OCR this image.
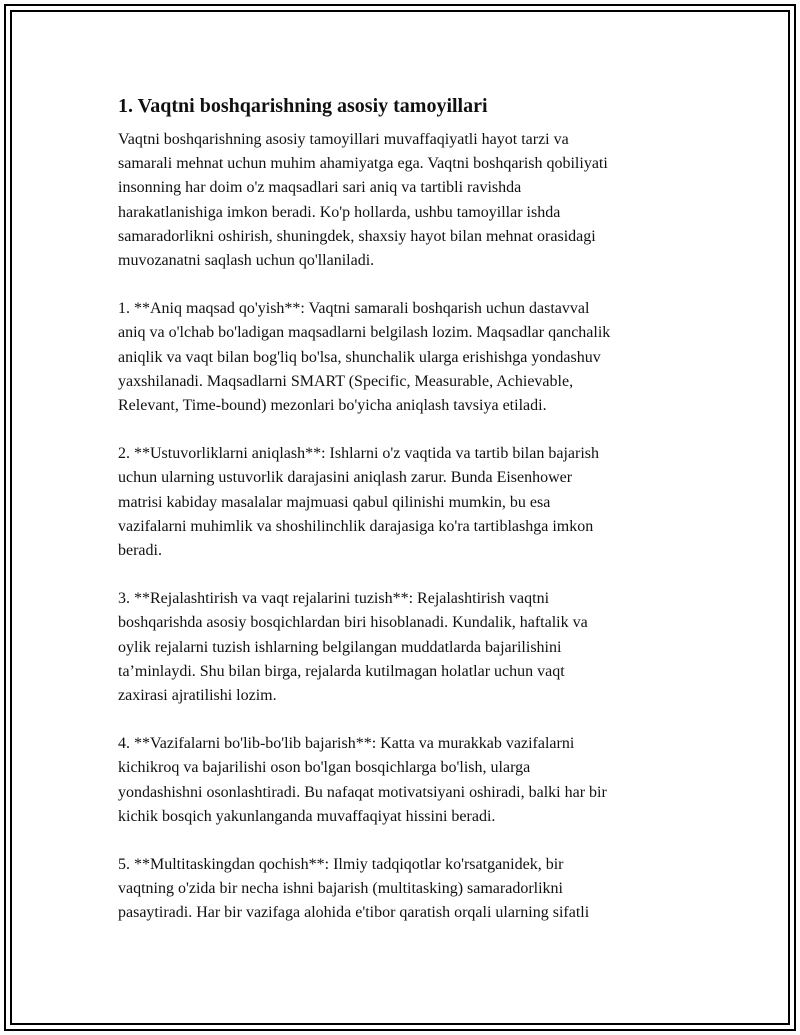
1. Vaqtni boshqarishning asosiy tamoyillari
Vaqtni boshqarishning asosiy tamoyillari muvaffaqiyatli hayot tarzi va
samarali mehnat uchun muhim ahamiyatga ega. Vaqtni boshqarish qobiliyati
insonning har doim o'z maqsadlari sari aniq va tartibli ravishda
harakatlanishiga imkon beradi. Ko'p hollarda, ushbu tamoyillar ishda
samaradorlikni oshirish, shuningdek, shaxsiy hayot bilan mehnat orasidagi
muvozanatni saqlash uchun qo'llaniladi.
1. **Aniq maqsad qo'yish**: Vaqtni samarali boshqarish uchun dastavval
aniq va o'lchab bo'ladigan maqsadlarni belgilash lozim. Maqsadlar qanchalik
aniqlik va vaqt bilan bog'liq bo'lsa, shunchalik ularga erishishga yondashuv
yaxshilanadi. Maqsadlarni SMART (Specific, Measurable, Achievable,
Relevant, Time-bound) mezonlari bo'yicha aniqlash tavsiya etiladi.
2. **Ustuvorliklarni aniqlash**: Ishlarni o'z vaqtida va tartib bilan bajarish
uchun ularning ustuvorlik darajasini aniqlash zarur. Bunda Eisenhower
matrisi kabiday masalalar majmuasi qabul qilinishi mumkin, bu esa
vazifalarni muhimlik va shoshilinchlik darajasiga ko'ra tartiblashga imkon
beradi.
3. **Rejalashtirish va vaqt rejalarini tuzish**: Rejalashtirish vaqtni
boshqarishda asosiy bosqichlardan biri hisoblanadi. Kundalik, haftalik va
oylik rejalarni tuzish ishlarning belgilangan muddatlarda bajarilishini
ta’minlaydi. Shu bilan birga, rejalarda kutilmagan holatlar uchun vaqt
zaxirasi ajratilishi lozim.
4. **Vazifalarni bo'lib-bo'lib bajarish**: Katta va murakkab vazifalarni
kichikroq va bajarilishi oson bo'lgan bosqichlarga bo'lish, ularga
yondashishni osonlashtiradi. Bu nafaqat motivatsiyani oshiradi, balki har bir
kichik bosqich yakunlanganda muvaffaqiyat hissini beradi.
5. **Multitaskingdan qochish**: Ilmiy tadqiqotlar ko'rsatganidek, bir
vaqtning o'zida bir necha ishni bajarish (multitasking) samaradorlikni
pasaytiradi. Har bir vazifaga alohida e'tibor qaratish orqali ularning sifatli
